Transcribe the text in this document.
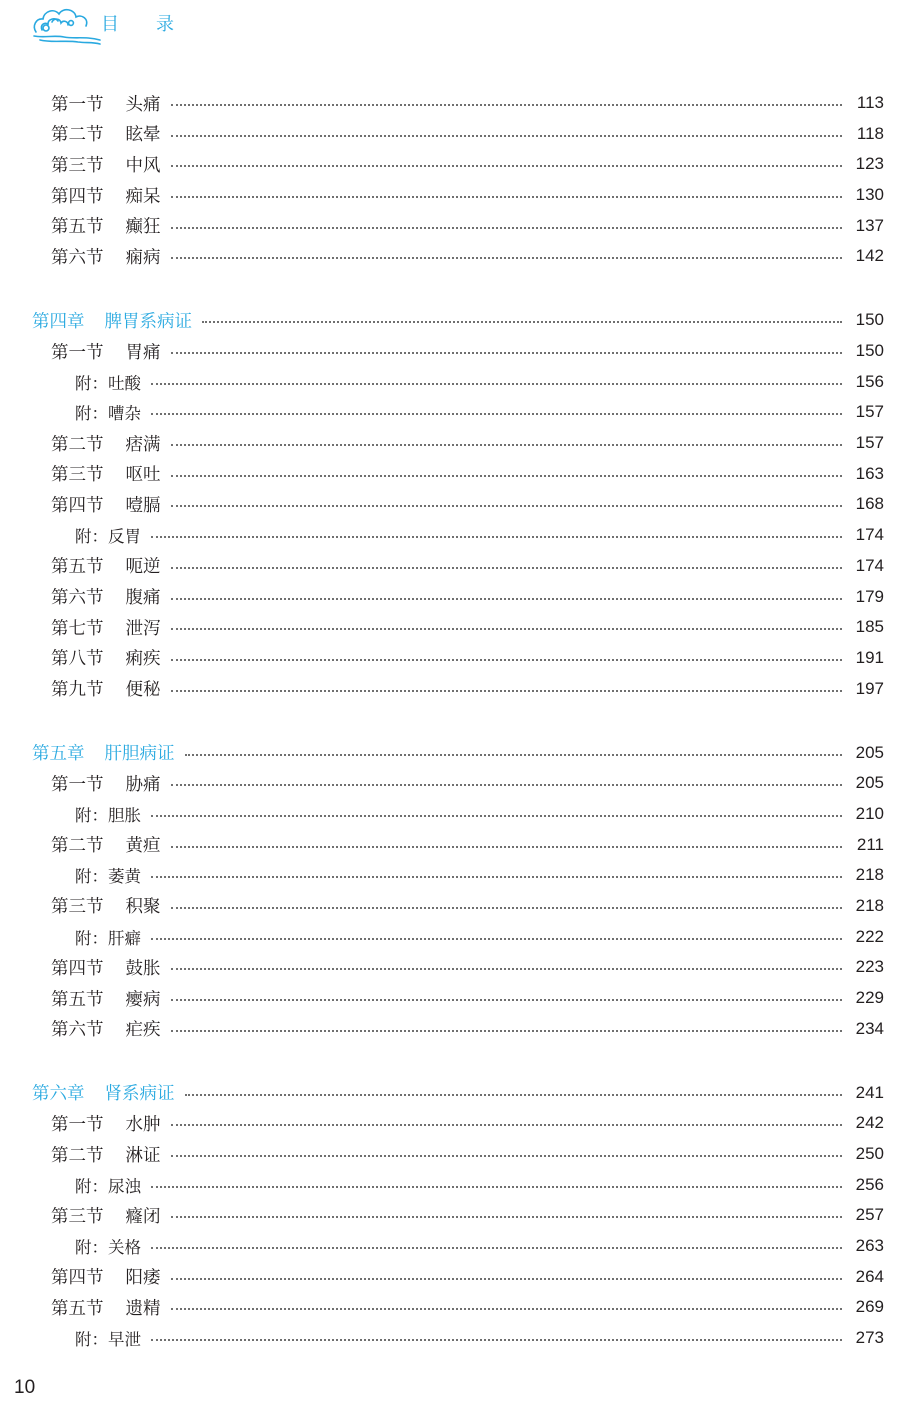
目录
第一节 头痛	113
第二节 眩晕	118
第三节 中风	123
第四节 痴呆	130
第五节 癫狂	137
第六节 痫病	142
第四章 脾胃系病证	150
第一节 胃痛	150
附：吐酸	156
附：嘈杂	157
第二节 痞满	157
第三节 呕吐	163
第四节 噎膈	168
附：反胃	174
第五节 呃逆	174
第六节 腹痛	179
第七节 泄泻	185
第八节 痢疾	191
第九节 便秘	197
第五章 肝胆病证	205
第一节 胁痛	205
附：胆胀	210
第二节 黄疸	211
附：萎黄	218
第三节 积聚	218
附：肝癖	222
第四节 鼓胀	223
第五节 瘿病	229
第六节 疟疾	234
第六章 肾系病证	241
第一节 水肿	242
第二节 淋证	250
附：尿浊	256
第三节 癃闭	257
附：关格	263
第四节 阳痿	264
第五节 遗精	269
附：早泄	273
10
